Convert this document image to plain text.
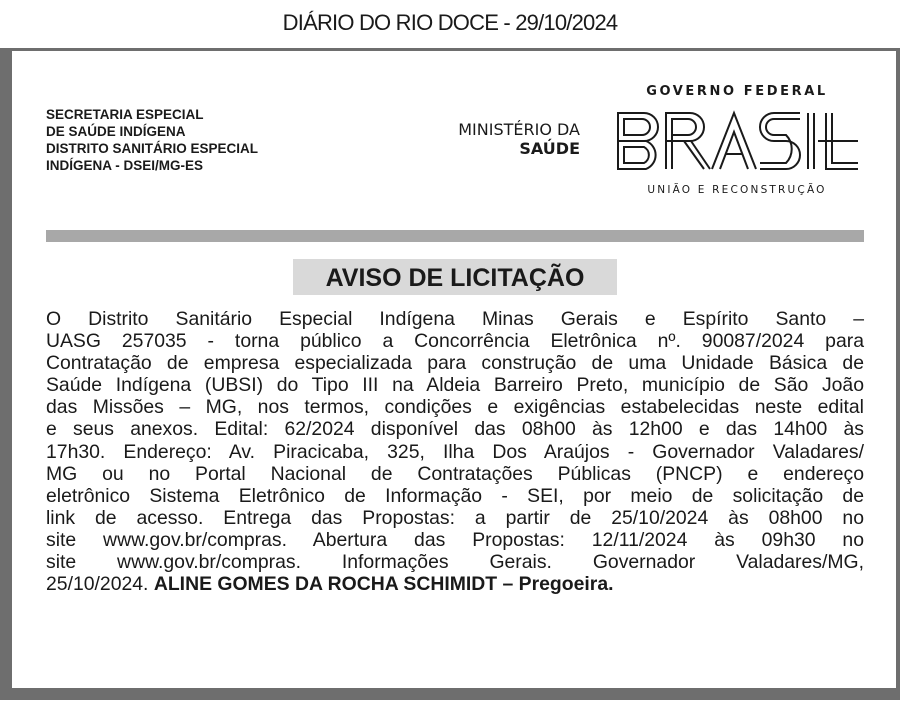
DIÁRIO DO RIO DOCE - 29/10/2024
SECRETARIA ESPECIAL
DE SAÚDE INDÍGENA
DISTRITO SANITÁRIO ESPECIAL
INDÍGENA - DSEI/MG-ES
MINISTÉRIO DA
SAÚDE
GOVERNO FEDERAL
UNIÃO E RECONSTRUÇÃO
AVISO DE LICITAÇÃO
O Distrito Sanitário Especial Indígena Minas Gerais e Espírito Santo –
UASG 257035 - torna público a Concorrência Eletrônica nº. 90087/2024 para
Contratação de empresa especializada para construção de uma Unidade Básica de
Saúde Indígena (UBSI) do Tipo III na Aldeia Barreiro Preto, município de São João
das Missões – MG, nos termos, condições e exigências estabelecidas neste edital
e seus anexos. Edital: 62/2024 disponível das 08h00 às 12h00 e das 14h00 às
17h30. Endereço: Av. Piracicaba, 325, Ilha Dos Araújos - Governador Valadares/
MG ou no Portal Nacional de Contratações Públicas (PNCP) e endereço
eletrônico Sistema Eletrônico de Informação - SEI, por meio de solicitação de
link de acesso. Entrega das Propostas: a partir de 25/10/2024 às 08h00 no
site www.gov.br/compras. Abertura das Propostas: 12/11/2024 às 09h30 no
site www.gov.br/compras. Informações Gerais. Governador Valadares/MG,
25/10/2024. ALINE GOMES DA ROCHA SCHIMIDT – Pregoeira.
